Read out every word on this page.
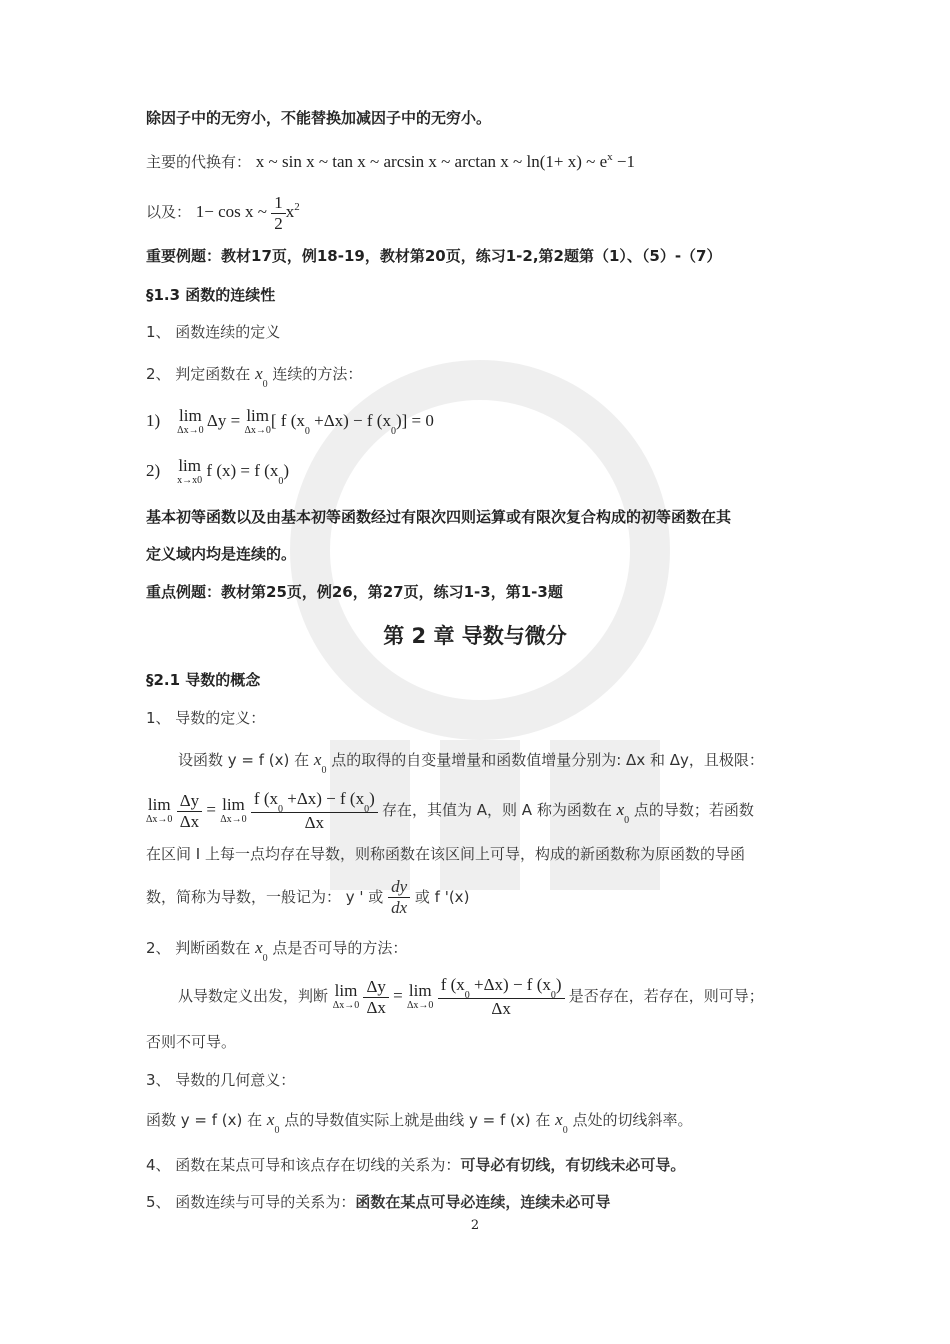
除因子中的无穷小，不能替换加减因子中的无穷小。
主要的代换有： x ~ sin x ~ tan x ~ arcsin x ~ arctan x ~ ln(1+ x) ~ $e^x -1$
以及： 1− cos x ~ $\frac{1}{2} x^2$
重要例题：教材17页，例18-19，教材第20页，练习1-2,第2题第（1）、（5）-（7）
§1.3 函数的连续性
1、 函数连续的定义
2、 判定函数在 $x_0$ 连续的方法：
1) lim
Δx→0
Δy = lim
Δx→0
[ f $(x_0 +\Delta x) - f$ $(x_0)] = 0$
2) lim
x→x0
f (x) = f $(x_0)$
基本初等函数以及由基本初等函数经过有限次四则运算或有限次复合构成的初等函数在其
定义域内均是连续的。
重点例题：教材第25页，例26，第27页，练习1-3，第1-3题
第 2 章 导数与微分
§2.1 导数的概念
1、 导数的定义：
设函数 y = f (x) 在 $x_0$ 点的取得的自变量增量和函数值增量分别为: Δx 和 Δy，且极限：
lim
Δx→0
$\frac{\Delta y}{\Delta x} = \lim$
Δx→0
$\frac{f (x_0 +\Delta x) - f (x_0)}{\Delta x}$ 存在，其值为 A，则 A 称为函数在 $x_0$ 点的导数；若函数
在区间 I 上每一点均存在导数，则称函数在该区间上可导，构成的新函数称为原函数的导函
数，简称为导数，一般记为： y ' 或 $\frac{dy}{dx}$ 或 f '(x)
2、 判断函数在 $x_0$ 点是否可导的方法：
从导数定义出发，判断 lim
Δx→0
$\frac{\Delta y}{\Delta x} = \lim$
Δx→0
$\frac{f (x_0 +\Delta x) - f (x_0)}{\Delta x}$ 是否存在，若存在，则可导；
否则不可导。
3、 导数的几何意义：
函数 y = f (x) 在 $x_0$ 点的导数值实际上就是曲线 y = f (x) 在 $x_0$ 点处的切线斜率。
4、 函数在某点可导和该点存在切线的关系为：可导必有切线，有切线未必可导。
5、 函数连续与可导的关系为：函数在某点可导必连续，连续未必可导
2
